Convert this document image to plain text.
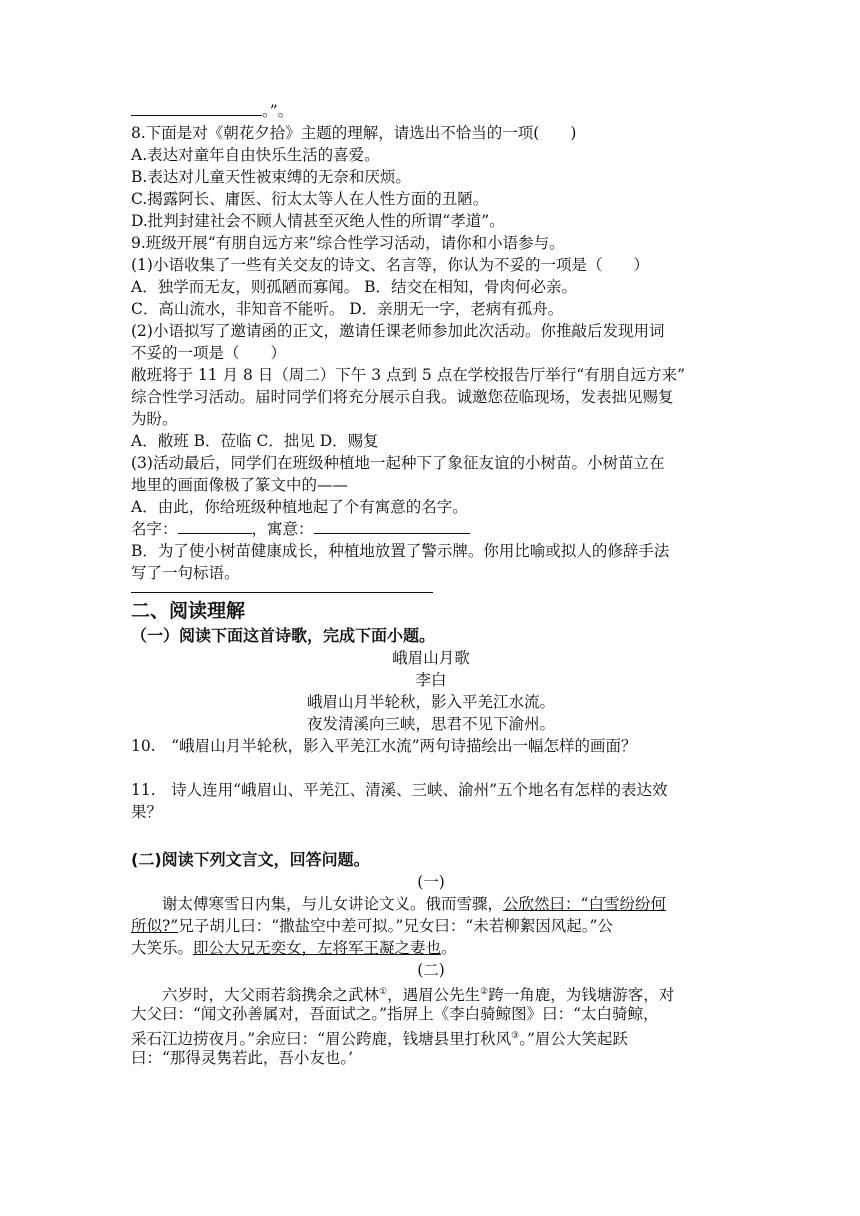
。”。
8.下面是对《朝花夕拾》主题的理解，请选出不恰当的一项(　　)
A.表达对童年自由快乐生活的喜爱。
B.表达对儿童天性被束缚的无奈和厌烦。
C.揭露阿长、庸医、衍太太等人在人性方面的丑陋。
D.批判封建社会不顾人情甚至灭绝人性的所谓“孝道”。
9.班级开展“有朋自远方来”综合性学习活动，请你和小语参与。
(1)小语收集了一些有关交友的诗文、名言等，你认为不妥的一项是（　　）
A．独学而无友，则孤陋而寡闻。 B．结交在相知，骨肉何必亲。
C．高山流水，非知音不能听。 D．亲朋无一字，老病有孤舟。
(2)小语拟写了邀请函的正文，邀请任课老师参加此次活动。你推敲后发现用词
不妥的一项是（　　）
敝班将于 11 月 8 日（周二）下午 3 点到 5 点在学校报告厅举行“有朋自远方来”
综合性学习活动。届时同学们将充分展示自我。诚邀您莅临现场，发表拙见赐复
为盼。
A．敝班 B．莅临 C．拙见 D．赐复
(3)活动最后，同学们在班级种植地一起种下了象征友谊的小树苗。小树苗立在
地里的画面像极了篆文中的——
A．由此，你给班级种植地起了个有寓意的名字。
名字：	，寓意：
B．为了使小树苗健康成长，种植地放置了警示牌。你用比喻或拟人的修辞手法
写了一句标语。
二、阅读理解
（一）阅读下面这首诗歌，完成下面小题。
峨眉山月歌
李白
峨眉山月半轮秋，影入平羌江水流。
夜发清溪向三峡，思君不见下渝州。
10.　“峨眉山月半轮秋，影入平羌江水流”两句诗描绘出一幅怎样的画面？
11.　诗人连用“峨眉山、平羌江、清溪、三峡、渝州”五个地名有怎样的表达效
果？
(二)阅读下列文言文，回答问题。
(一)
谢太傅寒雪日内集，与儿女讲论文义。俄而雪骤，公欣然曰：“白雪纷纷何
所似?”兄子胡儿曰：“撒盐空中差可拟。”兄女曰：“未若柳絮因风起。”公
大笑乐。即公大兄无奕女，左将军王凝之妻也。
(二)
六岁时，大父雨若翁携余之武林①，遇眉公先生②跨一角鹿，为钱塘游客，对
大父曰：“闻文孙善属对，吾面试之。”指屏上《李白骑鲸图》曰：“太白骑鲸，
采石江边捞夜月。”余应曰：“眉公跨鹿，钱塘县里打秋风③。”眉公大笑起跃
曰：“那得灵隽若此，吾小友也。’
